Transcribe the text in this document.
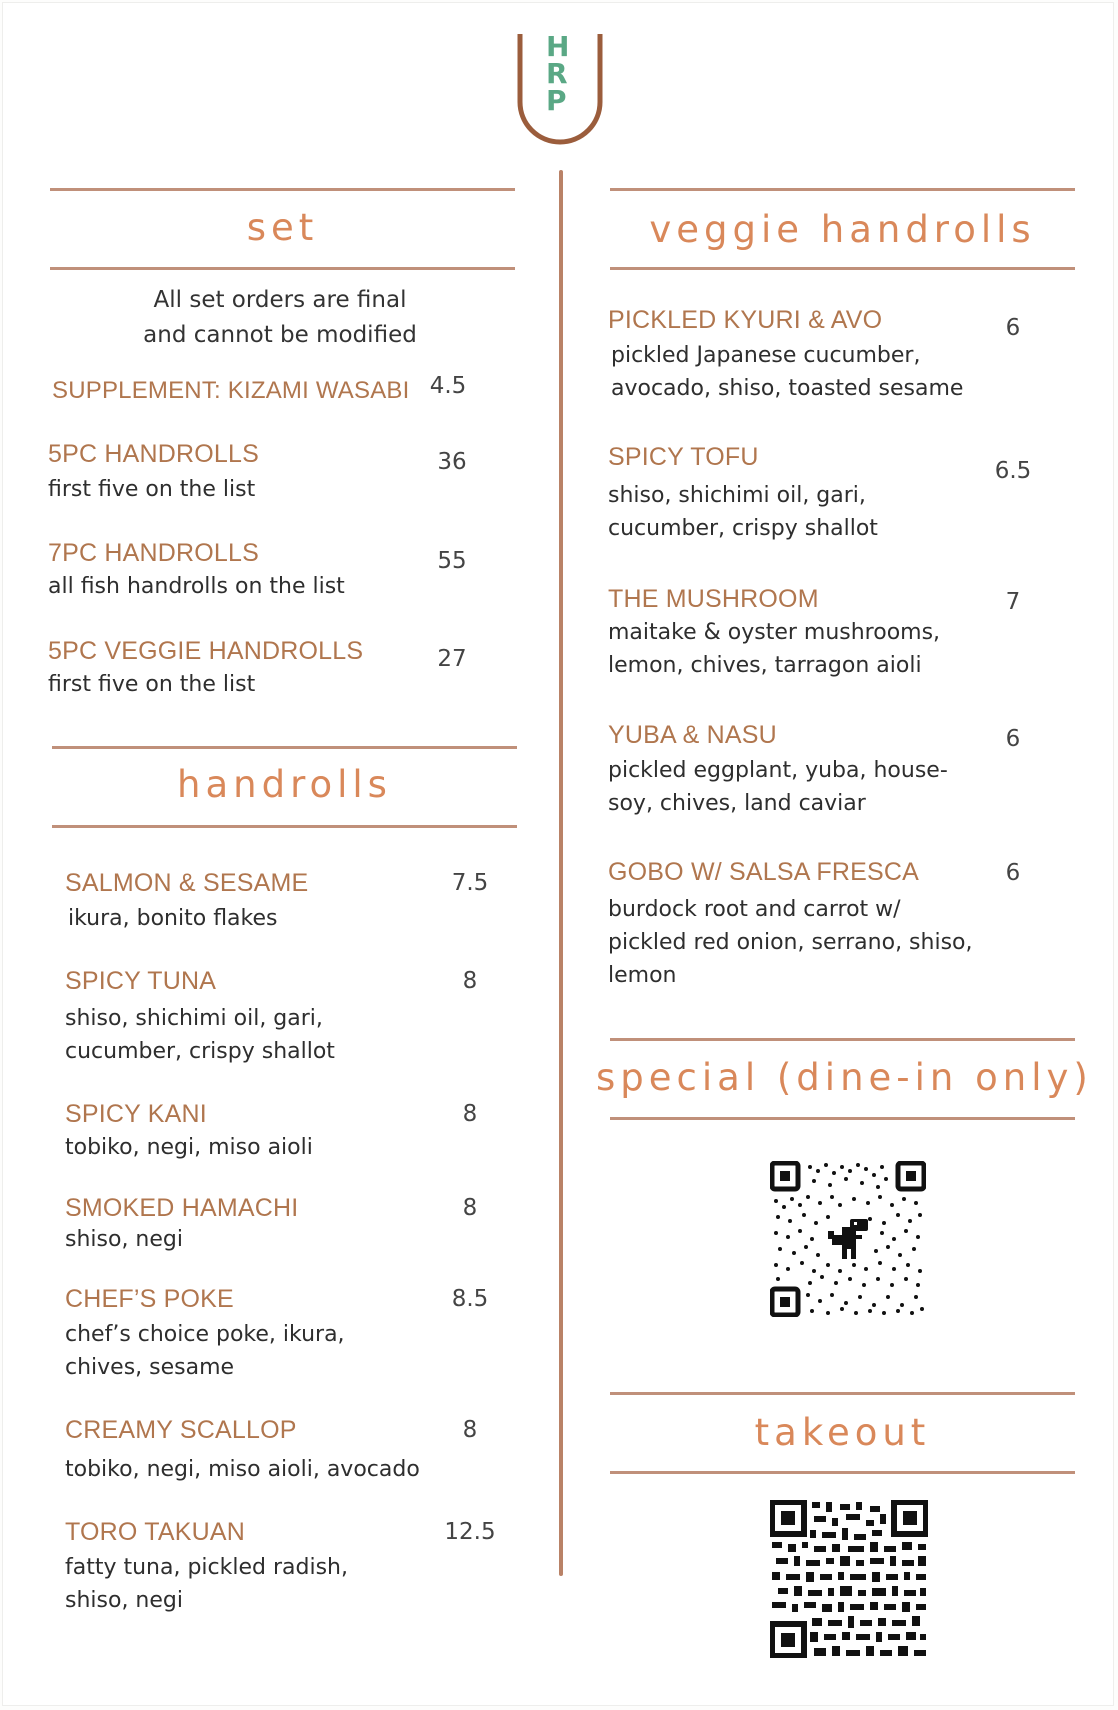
H
R
P
set
All set orders are final
and cannot be modified
SUPPLEMENT: KIZAMI WASABI 4.5
5PC HANDROLLS
first five on the list
36
7PC HANDROLLS
all fish handrolls on the list
55
5PC VEGGIE HANDROLLS
first five on the list
27
handrolls
SALMON & SESAME
ikura, bonito flakes
7.5
SPICY TUNA
shiso, shichimi oil, gari,
cucumber, crispy shallot
8
SPICY KANI
tobiko, negi, miso aioli
8
SMOKED HAMACHI
shiso, negi
8
CHEF’S POKE
chef’s choice poke, ikura,
chives, sesame
8.5
CREAMY SCALLOP
tobiko, negi, miso aioli, avocado
8
TORO TAKUAN
fatty tuna, pickled radish,
shiso, negi
12.5
veggie handrolls
PICKLED KYURI & AVO
pickled Japanese cucumber,
avocado, shiso, toasted sesame
6
SPICY TOFU
shiso, shichimi oil, gari,
cucumber, crispy shallot
6.5
THE MUSHROOM
maitake & oyster mushrooms,
lemon, chives, tarragon aioli
7
YUBA & NASU
pickled eggplant, yuba, house-
soy, chives, land caviar
6
GOBO W/ SALSA FRESCA
burdock root and carrot w/
pickled red onion, serrano, shiso,
lemon
6
special (dine-in only)
takeout
